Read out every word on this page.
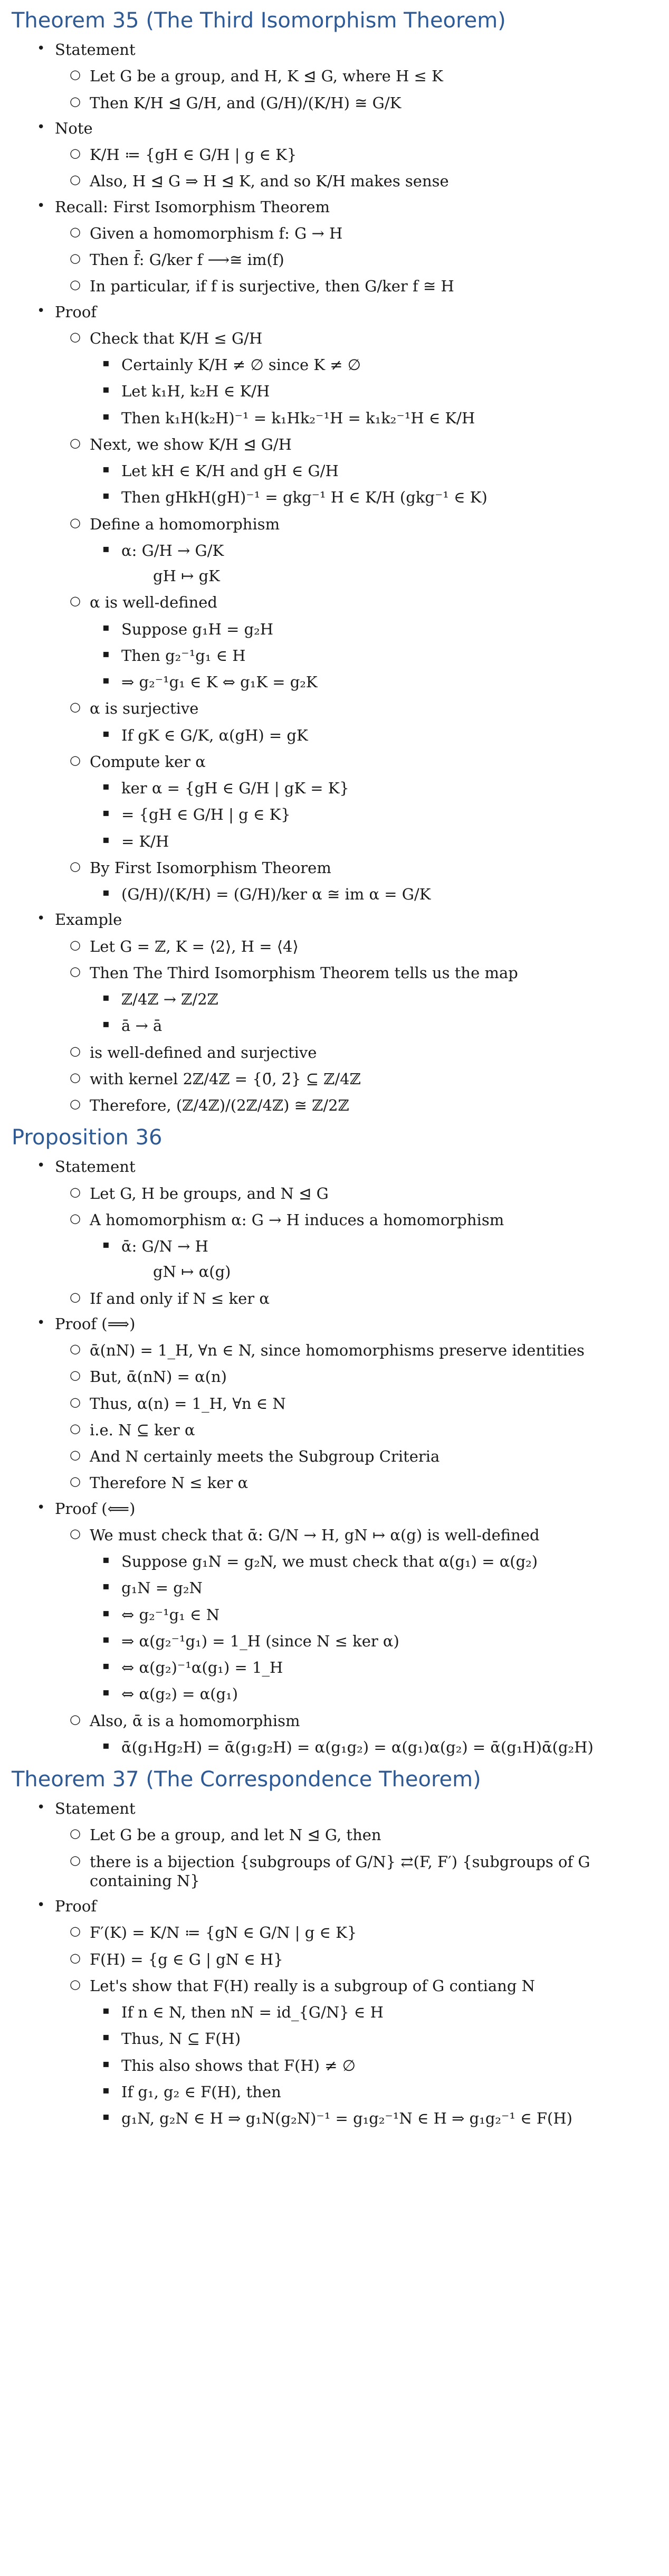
Theorem 35 (The Third Isomorphism Theorem)
• Statement
○ Let G be a group, and H, K ⊴ G, where H ≤ K
○ Then K/H ⊴ G/H, and (G/H)/(K/H) ≅ G/K
• Note
○ K/H ≔ {gH ∈ G/H | g ∈ K}
○ Also, H ⊴ G ⇒ H ⊴ K, and so K/H makes sense
• Recall: First Isomorphism Theorem
○ Given a homomorphism f: G → H
○ Then f̄: G/ker f ⟶≅ im(f)
○ In particular, if f is surjective, then G/ker f ≅ H
• Proof
○ Check that K/H ≤ G/H
▪ Certainly K/H ≠ ∅ since K ≠ ∅
▪ Let k₁H, k₂H ∈ K/H
▪ Then k₁H(k₂H)⁻¹ = k₁Hk₂⁻¹H = k₁k₂⁻¹H ∈ K/H
○ Next, we show K/H ⊴ G/H
▪ Let kH ∈ K/H and gH ∈ G/H
▪ Then gHkH(gH)⁻¹ = gkg⁻¹ H ∈ K/H (gkg⁻¹ ∈ K)
○ Define a homomorphism
▪ α: G/H → G/K
gH ↦ gK
○ α is well-defined
▪ Suppose g₁H = g₂H
▪ Then g₂⁻¹g₁ ∈ H
▪ ⇒ g₂⁻¹g₁ ∈ K ⇔ g₁K = g₂K
○ α is surjective
▪ If gK ∈ G/K, α(gH) = gK
○ Compute ker α
▪ ker α = {gH ∈ G/H | gK = K}
▪ = {gH ∈ G/H | g ∈ K}
▪ = K/H
○ By First Isomorphism Theorem
▪ (G/H)/(K/H) = (G/H)/ker α ≅ im α = G/K
• Example
○ Let G = ℤ, K = ⟨2⟩, H = ⟨4⟩
○ Then The Third Isomorphism Theorem tells us the map
▪ ℤ/4ℤ → ℤ/2ℤ
▪ ā → ā
○ is well-defined and surjective
○ with kernel 2ℤ/4ℤ = {0̄, 2̄} ⊆ ℤ/4ℤ
○ Therefore, (ℤ/4ℤ)/(2ℤ/4ℤ) ≅ ℤ/2ℤ
Proposition 36
• Statement
○ Let G, H be groups, and N ⊴ G
○ A homomorphism α: G → H induces a homomorphism
▪ ᾱ: G/N → H
gN ↦ α(g)
○ If and only if N ≤ ker α
• Proof (⟹)
○ ᾱ(nN) = 1_H, ∀n ∈ N, since homomorphisms preserve identities
○ But, ᾱ(nN) = α(n)
○ Thus, α(n) = 1_H, ∀n ∈ N
○ i.e. N ⊆ ker α
○ And N certainly meets the Subgroup Criteria
○ Therefore N ≤ ker α
• Proof (⟸)
○ We must check that ᾱ: G/N → H, gN ↦ α(g) is well-defined
▪ Suppose g₁N = g₂N, we must check that α(g₁) = α(g₂)
▪ g₁N = g₂N
▪ ⇔ g₂⁻¹g₁ ∈ N
▪ ⇒ α(g₂⁻¹g₁) = 1_H (since N ≤ ker α)
▪ ⇔ α(g₂)⁻¹α(g₁) = 1_H
▪ ⇔ α(g₂) = α(g₁)
○ Also, ᾱ is a homomorphism
▪ ᾱ(g₁Hg₂H) = ᾱ(g₁g₂H) = α(g₁g₂) = α(g₁)α(g₂) = ᾱ(g₁H)ᾱ(g₂H)
Theorem 37 (The Correspondence Theorem)
• Statement
○ Let G be a group, and let N ⊴ G, then
○ there is a bijection {subgroups of G/N} ⇄(F, F′) {subgroups of G containing N}
• Proof
○ F′(K) = K/N ≔ {gN ∈ G/N | g ∈ K}
○ F(H) = {g ∈ G | gN ∈ H}
○ Let's show that F(H) really is a subgroup of G contiang N
▪ If n ∈ N, then nN = id_{G/N} ∈ H
▪ Thus, N ⊆ F(H)
▪ This also shows that F(H) ≠ ∅
▪ If g₁, g₂ ∈ F(H), then
▪ g₁N, g₂N ∈ H ⇒ g₁N(g₂N)⁻¹ = g₁g₂⁻¹N ∈ H ⇒ g₁g₂⁻¹ ∈ F(H)
